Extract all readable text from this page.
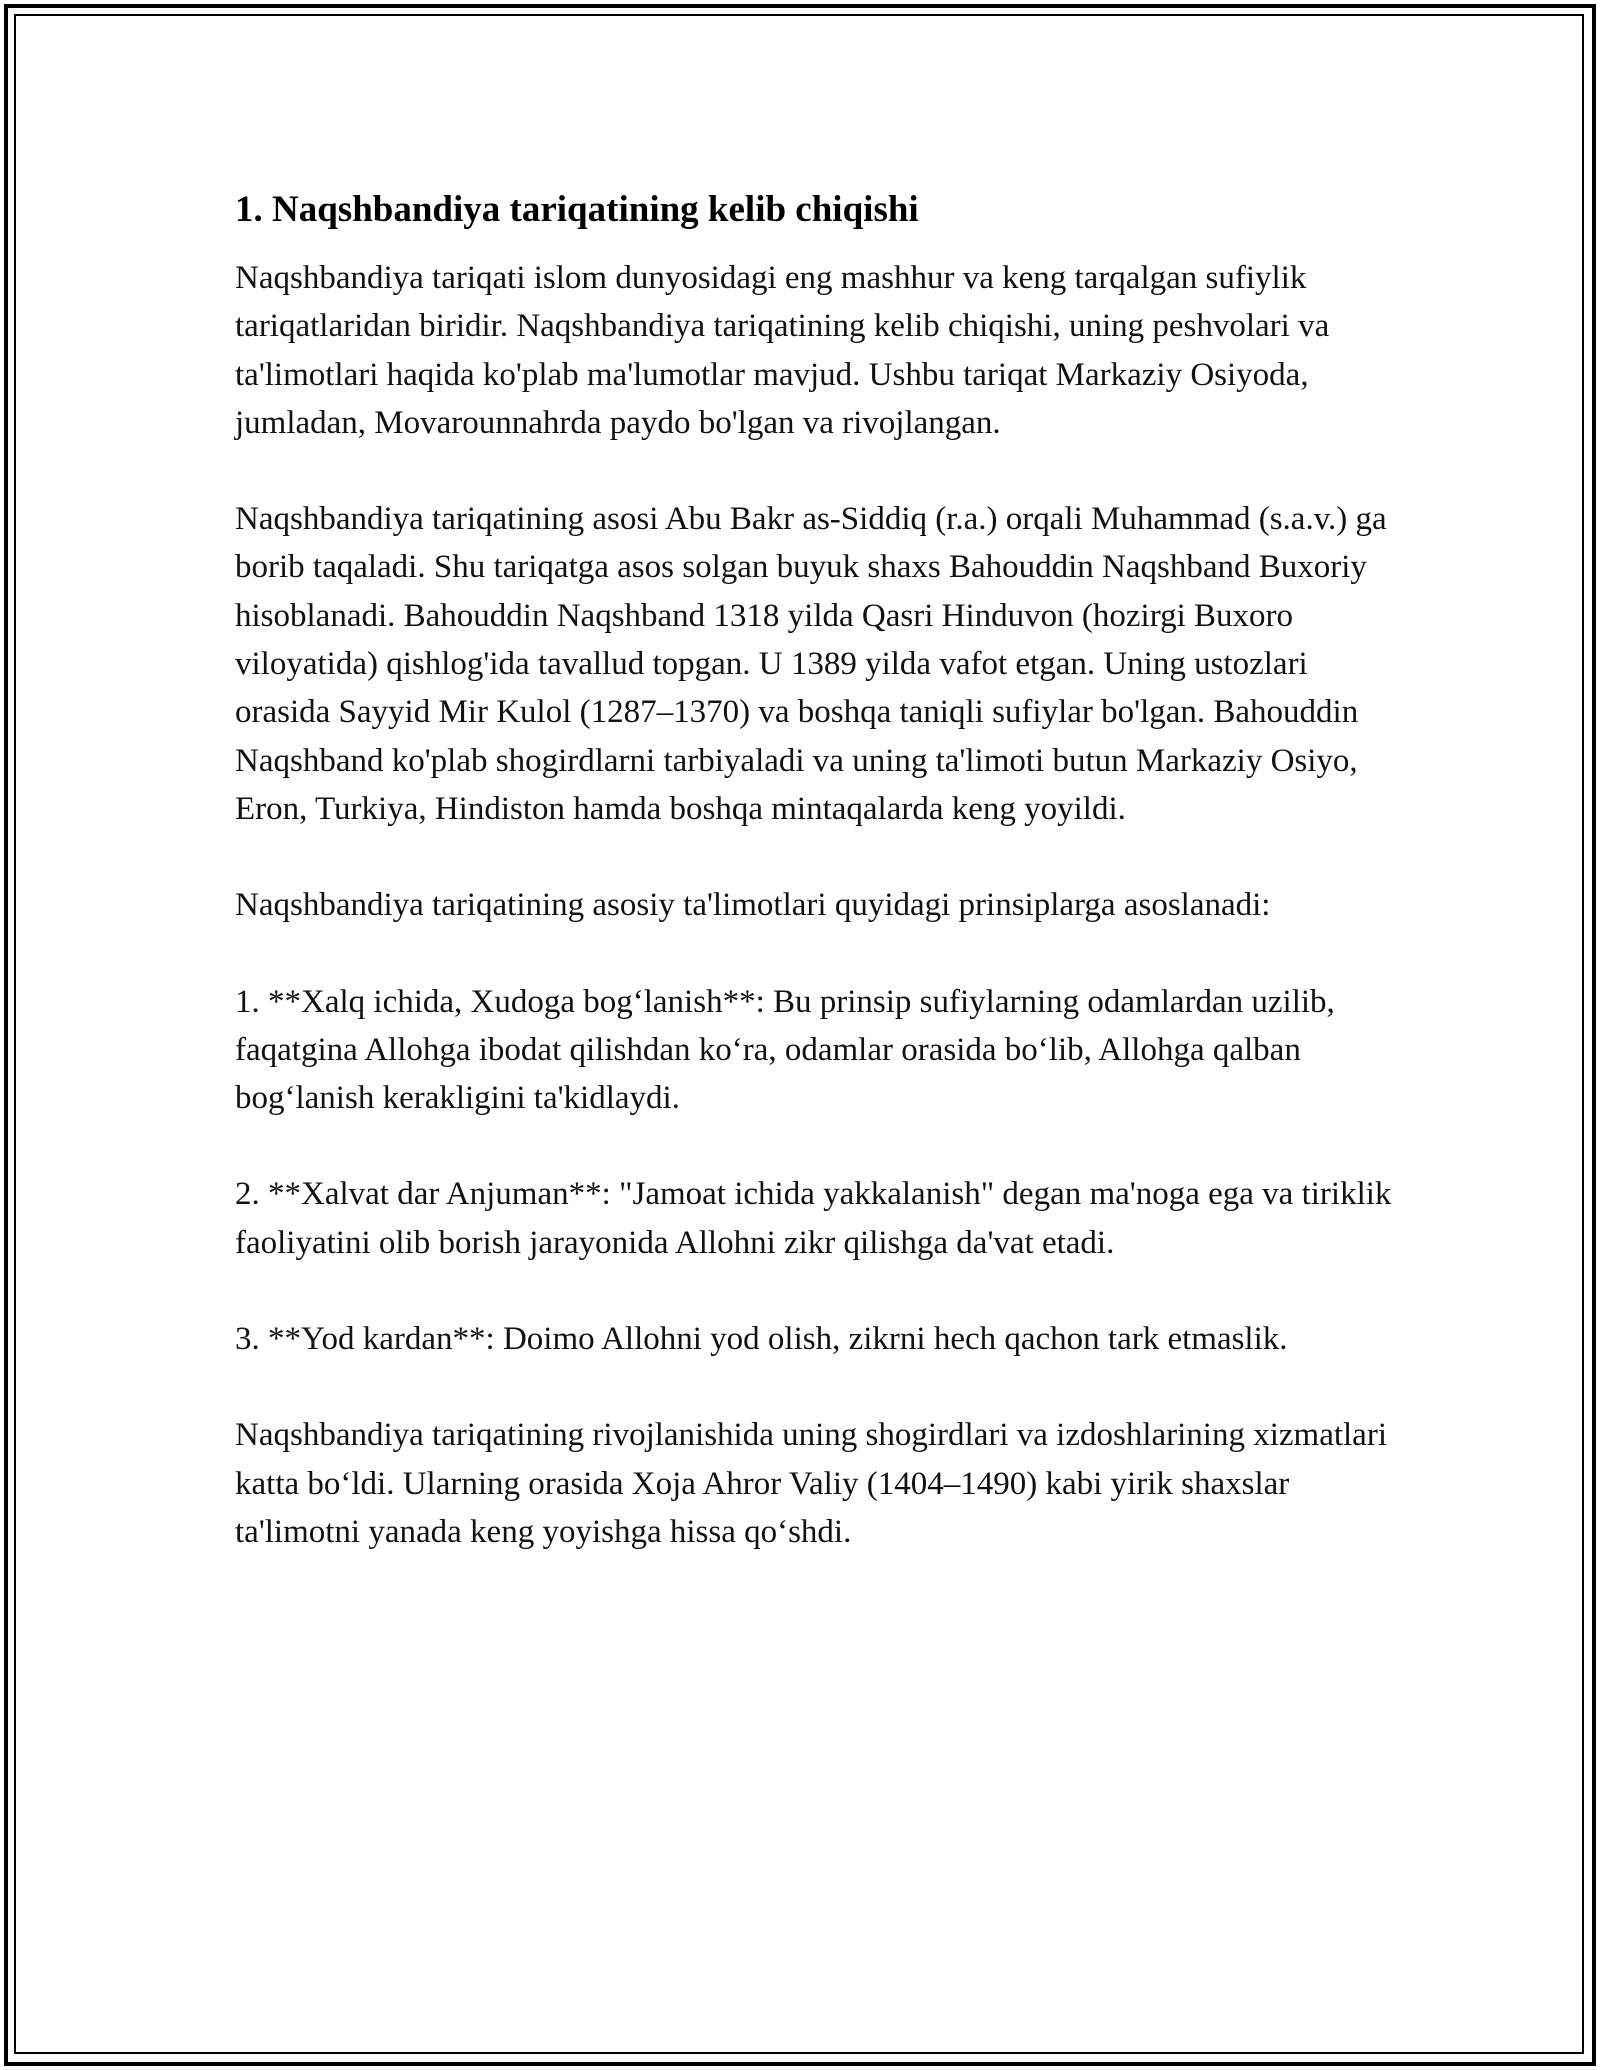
1. Naqshbandiya tariqatining kelib chiqishi

Naqshbandiya tariqati islom dunyosidagi eng mashhur va keng tarqalgan sufiylik tariqatlaridan biridir. Naqshbandiya tariqatining kelib chiqishi, uning peshvolari va ta'limotlari haqida ko'plab ma'lumotlar mavjud. Ushbu tariqat Markaziy Osiyoda, jumladan, Movarounnahrda paydo bo'lgan va rivojlangan.

Naqshbandiya tariqatining asosi Abu Bakr as-Siddiq (r.a.) orqali Muhammad (s.a.v.) ga borib taqaladi. Shu tariqatga asos solgan buyuk shaxs Bahouddin Naqshband Buxoriy hisoblanadi. Bahouddin Naqshband 1318 yilda Qasri Hinduvon (hozirgi Buxoro viloyatida) qishlog'ida tavallud topgan. U 1389 yilda vafot etgan. Uning ustozlari orasida Sayyid Mir Kulol (1287–1370) va boshqa taniqli sufiylar bo'lgan. Bahouddin Naqshband ko'plab shogirdlarni tarbiyaladi va uning ta'limoti butun Markaziy Osiyo, Eron, Turkiya, Hindiston hamda boshqa mintaqalarda keng yoyildi.

Naqshbandiya tariqatining asosiy ta'limotlari quyidagi prinsiplarga asoslanadi:

1. **Xalq ichida, Xudoga bog‘lanish**: Bu prinsip sufiylarning odamlardan uzilib, faqatgina Allohga ibodat qilishdan ko‘ra, odamlar orasida bo‘lib, Allohga qalban bog‘lanish kerakligini ta'kidlaydi.

2. **Xalvat dar Anjuman**: "Jamoat ichida yakkalanish" degan ma'noga ega va tiriklik faoliyatini olib borish jarayonida Allohni zikr qilishga da'vat etadi.

3. **Yod kardan**: Doimo Allohni yod olish, zikrni hech qachon tark etmaslik.

Naqshbandiya tariqatining rivojlanishida uning shogirdlari va izdoshlarining xizmatlari katta bo‘ldi. Ularning orasida Xoja Ahror Valiy (1404–1490) kabi yirik shaxslar ta'limotni yanada keng yoyishga hissa qo‘shdi.
